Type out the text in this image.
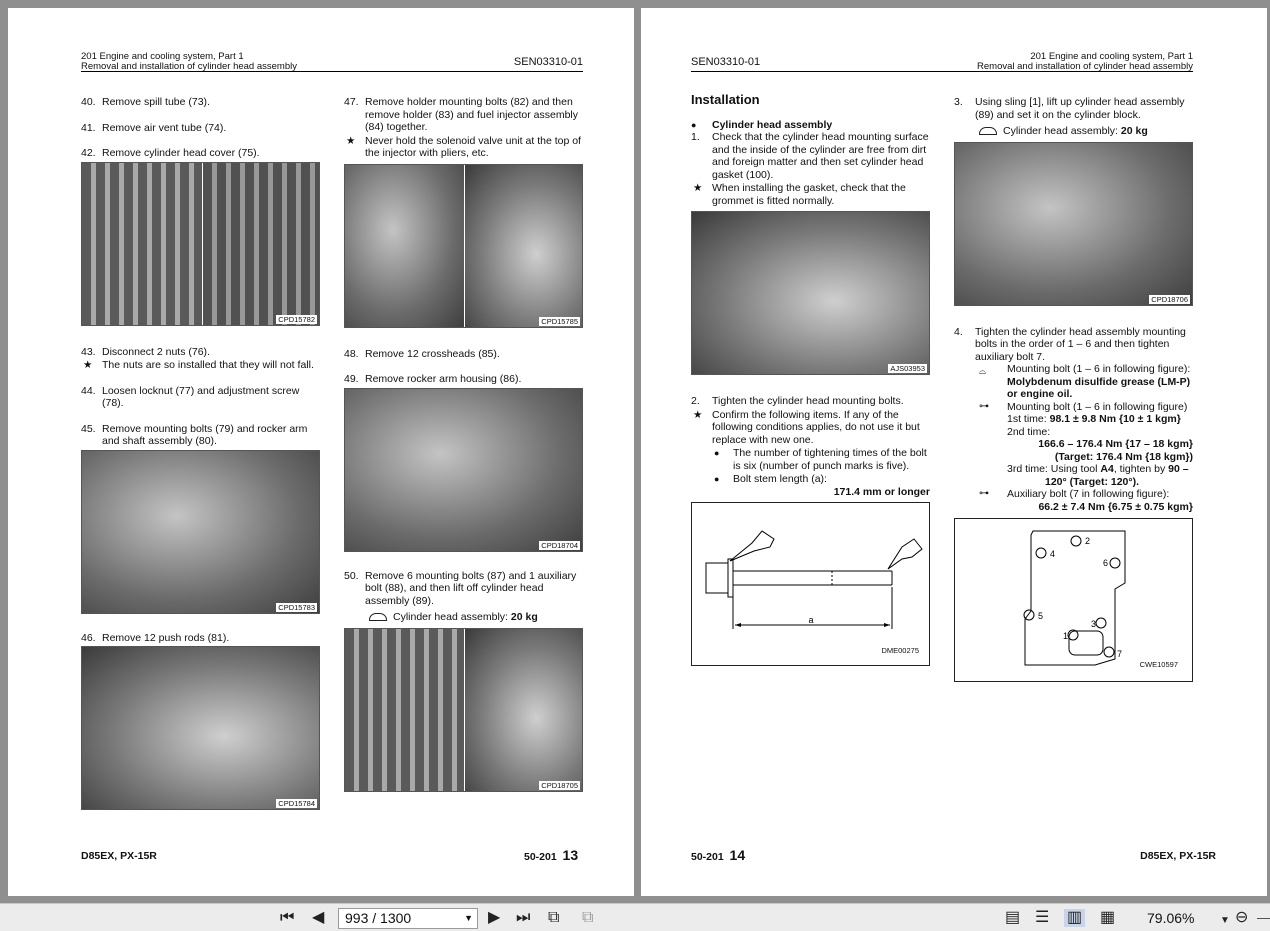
201 Engine and cooling system, Part 1
Removal and installation of cylinder head assembly	SEN03310-01
40. Remove spill tube (73).
41. Remove air vent tube (74).
42. Remove cylinder head cover (75).
CPD15782
43. Disconnect 2 nuts (76).
★ The nuts are so installed that they will not fall.
44. Loosen locknut (77) and adjustment screw (78).
45. Remove mounting bolts (79) and rocker arm and shaft assembly (80).
CPD15783
46. Remove 12 push rods (81).
CPD15784
47. Remove holder mounting bolts (82) and then remove holder (83) and fuel injector assembly (84) together.
★ Never hold the solenoid valve unit at the top of the injector with pliers, etc.
CPD15785
48. Remove 12 crossheads (85).
49. Remove rocker arm housing (86).
CPD18704
50. Remove 6 mounting bolts (87) and 1 auxiliary bolt (88), and then lift off cylinder head assembly (89).
Cylinder head assembly: 20 kg
CPD18705
D85EX, PX-15R	50-201 13
SEN03310-01	201 Engine and cooling system, Part 1
Removal and installation of cylinder head assembly
Installation
● Cylinder head assembly
1. Check that the cylinder head mounting surface and the inside of the cylinder are free from dirt and foreign matter and then set cylinder head gasket (100).
★ When installing the gasket, check that the grommet is fitted normally.
AJS03953
2. Tighten the cylinder head mounting bolts.
★ Confirm the following items. If any of the following conditions applies, do not use it but replace with new one.
● The number of tightening times of the bolt is six (number of punch marks is five).
● Bolt stem length (a):
171.4 mm or longer
a
DME00275
3. Using sling [1], lift up cylinder head assembly (89) and set it on the cylinder block.
Cylinder head assembly: 20 kg
CPD18706
4. Tighten the cylinder head assembly mounting bolts in the order of 1 – 6 and then tighten auxiliary bolt 7.
⌓ Mounting bolt (1 – 6 in following figure):
Molybdenum disulfide grease (LM-P) or engine oil.
⊶ Mounting bolt (1 – 6 in following figure)
1st time: 98.1 ± 9.8 Nm {10 ± 1 kgm}
2nd time:
166.6 – 176.4 Nm {17 – 18 kgm}
(Target: 176.4 Nm {18 kgm})
3rd time: Using tool A4, tighten by 90 – 120° (Target: 120°).
⊶ Auxiliary bolt (7 in following figure):
66.2 ± 7.4 Nm {6.75 ± 0.75 kgm}
1
2
3
4
5
6
7
CWE10597
50-201 14	D85EX, PX-15R
⏮ ◀	993 / 1300	▼ ▶ ⏭ ⧉ ⧉	▤ ☰ ▥ ▦ 79.06%	▼ ⊖
